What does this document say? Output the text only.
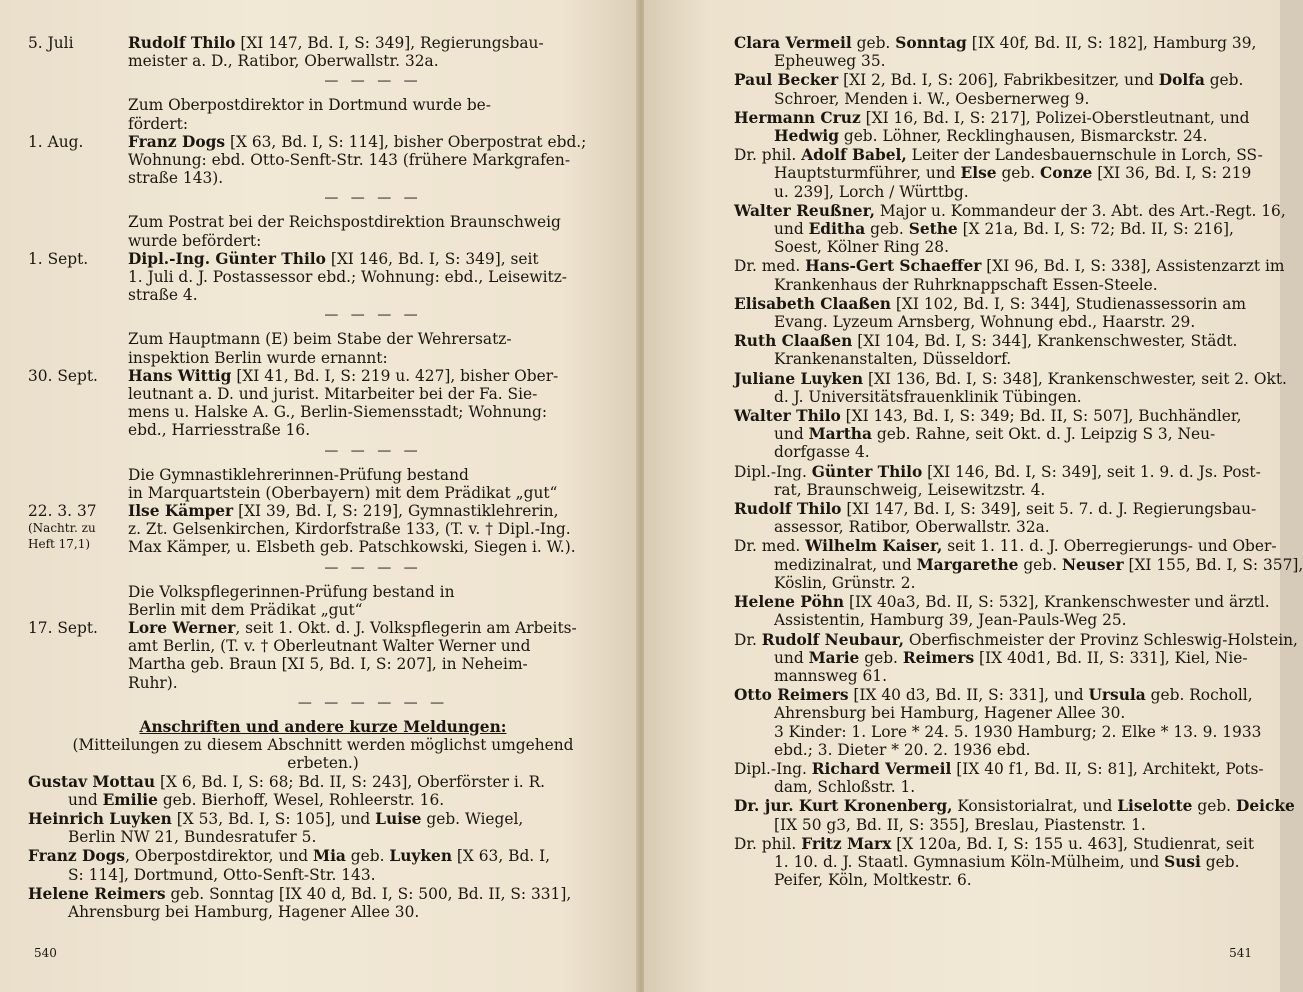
5. Juli	Rudolf Thilo [XI 147, Bd. I, S: 349], Regierungsbau-
meister a. D., Ratibor, Oberwallstr. 32a.
— — — —
Zum Oberpostdirektor in Dortmund wurde be-
fördert:
1. Aug.	Franz Dogs [X 63, Bd. I, S: 114], bisher Oberpostrat ebd.;
Wohnung: ebd. Otto-Senft-Str. 143 (frühere Markgrafen-
straße 143).
— — — —
Zum Postrat bei der Reichspostdirektion Braunschweig
wurde befördert:
1. Sept.	Dipl.-Ing. Günter Thilo [XI 146, Bd. I, S: 349], seit
1. Juli d. J. Postassessor ebd.; Wohnung: ebd., Leisewitz-
straße 4.
— — — —
Zum Hauptmann (E) beim Stabe der Wehrersatz-
inspektion Berlin wurde ernannt:
30. Sept.	Hans Wittig [XI 41, Bd. I, S: 219 u. 427], bisher Ober-
leutnant a. D. und jurist. Mitarbeiter bei der Fa. Sie-
mens u. Halske A. G., Berlin-Siemensstadt; Wohnung:
ebd., Harriesstraße 16.
— — — —
Die Gymnastiklehrerinnen-Prüfung bestand
in Marquartstein (Oberbayern) mit dem Prädikat „gut“
22. 3. 37
(Nachtr. zu
Heft 17,1)
Ilse Kämper [XI 39, Bd. I, S: 219], Gymnastiklehrerin,
z. Zt. Gelsenkirchen, Kirdorfstraße 133, (T. v. † Dipl.-Ing.
Max Kämper, u. Elsbeth geb. Patschkowski, Siegen i. W.).
— — — —
Die Volkspflegerinnen-Prüfung bestand in
Berlin mit dem Prädikat „gut“
17. Sept.	Lore Werner, seit 1. Okt. d. J. Volkspflegerin am Arbeits-
amt Berlin, (T. v. † Oberleutnant Walter Werner und
Martha geb. Braun [XI 5, Bd. I, S: 207], in Neheim-
Ruhr).
— — — — — —
Anschriften und andere kurze Meldungen:
(Mitteilungen zu diesem Abschnitt werden möglichst umgehend
erbeten.)
Gustav Mottau [X 6, Bd. I, S: 68; Bd. II, S: 243], Oberförster i. R.
und Emilie geb. Bierhoff, Wesel, Rohleerstr. 16.
Heinrich Luyken [X 53, Bd. I, S: 105], und Luise geb. Wiegel,
Berlin NW 21, Bundesratufer 5.
Franz Dogs, Oberpostdirektor, und Mia geb. Luyken [X 63, Bd. I,
S: 114], Dortmund, Otto-Senft-Str. 143.
Helene Reimers geb. Sonntag [IX 40 d, Bd. I, S: 500, Bd. II, S: 331],
Ahrensburg bei Hamburg, Hagener Allee 30.
540
Clara Vermeil geb. Sonntag [IX 40f, Bd. II, S: 182], Hamburg 39,
Epheuweg 35.
Paul Becker [XI 2, Bd. I, S: 206], Fabrikbesitzer, und Dolfa geb.
Schroer, Menden i. W., Oesbernerweg 9.
Hermann Cruz [XI 16, Bd. I, S: 217], Polizei-Oberstleutnant, und
Hedwig geb. Löhner, Recklinghausen, Bismarckstr. 24.
Dr. phil. Adolf Babel, Leiter der Landesbauernschule in Lorch, SS-
Hauptsturmführer, und Else geb. Conze [XI 36, Bd. I, S: 219
u. 239], Lorch / Württbg.
Walter Reußner, Major u. Kommandeur der 3. Abt. des Art.-Regt. 16,
und Editha geb. Sethe [X 21a, Bd. I, S: 72; Bd. II, S: 216],
Soest, Kölner Ring 28.
Dr. med. Hans-Gert Schaeffer [XI 96, Bd. I, S: 338], Assistenzarzt im
Krankenhaus der Ruhrknappschaft Essen-Steele.
Elisabeth Claaßen [XI 102, Bd. I, S: 344], Studienassessorin am
Evang. Lyzeum Arnsberg, Wohnung ebd., Haarstr. 29.
Ruth Claaßen [XI 104, Bd. I, S: 344], Krankenschwester, Städt.
Krankenanstalten, Düsseldorf.
Juliane Luyken [XI 136, Bd. I, S: 348], Krankenschwester, seit 2. Okt.
d. J. Universitätsfrauenklinik Tübingen.
Walter Thilo [XI 143, Bd. I, S: 349; Bd. II, S: 507], Buchhändler,
und Martha geb. Rahne, seit Okt. d. J. Leipzig S 3, Neu-
dorfgasse 4.
Dipl.-Ing. Günter Thilo [XI 146, Bd. I, S: 349], seit 1. 9. d. Js. Post-
rat, Braunschweig, Leisewitzstr. 4.
Rudolf Thilo [XI 147, Bd. I, S: 349], seit 5. 7. d. J. Regierungsbau-
assessor, Ratibor, Oberwallstr. 32a.
Dr. med. Wilhelm Kaiser, seit 1. 11. d. J. Oberregierungs- und Ober-
medizinalrat, und Margarethe geb. Neuser [XI 155, Bd. I, S: 357],
Köslin, Grünstr. 2.
Helene Pöhn [IX 40a3, Bd. II, S: 532], Krankenschwester und ärztl.
Assistentin, Hamburg 39, Jean-Pauls-Weg 25.
Dr. Rudolf Neubaur, Oberfischmeister der Provinz Schleswig-Holstein,
und Marie geb. Reimers [IX 40d1, Bd. II, S: 331], Kiel, Nie-
mannsweg 61.
Otto Reimers [IX 40 d3, Bd. II, S: 331], und Ursula geb. Rocholl,
Ahrensburg bei Hamburg, Hagener Allee 30.
3 Kinder: 1. Lore * 24. 5. 1930 Hamburg; 2. Elke * 13. 9. 1933
ebd.; 3. Dieter * 20. 2. 1936 ebd.
Dipl.-Ing. Richard Vermeil [IX 40 f1, Bd. II, S: 81], Architekt, Pots-
dam, Schloßstr. 1.
Dr. jur. Kurt Kronenberg, Konsistorialrat, und Liselotte geb. Deicke
[IX 50 g3, Bd. II, S: 355], Breslau, Piastenstr. 1.
Dr. phil. Fritz Marx [X 120a, Bd. I, S: 155 u. 463], Studienrat, seit
1. 10. d. J. Staatl. Gymnasium Köln-Mülheim, und Susi geb.
Peifer, Köln, Moltkestr. 6.
541
